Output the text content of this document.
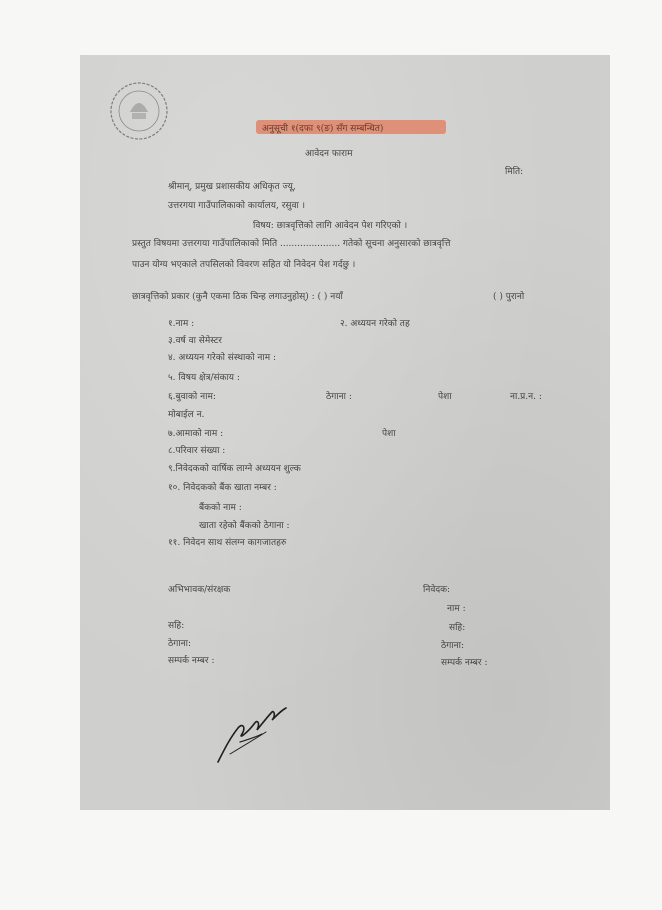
अनुसूची १(दफा ९(ङ) सँग सम्बन्धित)
आवेदन फाराम
मिति:
श्रीमान्‌, प्रमुख प्रशासकीय अधिकृत ज्यू,
उत्तरगया गाउँपालिकाको कार्यालय, रसुवा ।
विषय: छात्रवृत्तिको लागि आवेदन पेश गरिएको ।
प्रस्तुत विषयमा उत्तरगया गाउँपालिकाको मिति ..................... गतेको सूचना अनुसारको छात्रवृत्ति
पाउन योग्य भएकाले तपसिलको विवरण सहित यो निवेदन पेश गर्दछु ।
छात्रवृत्तिको प्रकार (कुनै एकमा ठिक चिन्ह लगाउनुहोस्) : ( ) नयाँ	( ) पुरानो
१.नाम :	२. अध्ययन गरेको तह
३.वर्ष वा सेमेस्टर
४. अध्ययन गरेको संस्थाको नाम :
५. विषय क्षेत्र/संकाय :
६.बुवाको नाम:	ठेगाना :	पेशा	ना.प्र.न. :
मोबाईल न.
७.आमाको नाम :	पेशा
८.परिवार संख्या :
९.निवेदकको वार्षिक लाग्ने अध्ययन शुल्क
१०. निवेदकको बैंक खाता नम्बर :
बैंकको नाम :
खाता रहेको बैंकको ठेगाना :
११. निवेदन साथ संलग्न कागजातहरु
अभिभावक/संरक्षक	निवेदक:
नाम :
सहि:	सहि:
ठेगाना:	ठेगाना:
सम्पर्क नम्बर :	सम्पर्क नम्बर :
